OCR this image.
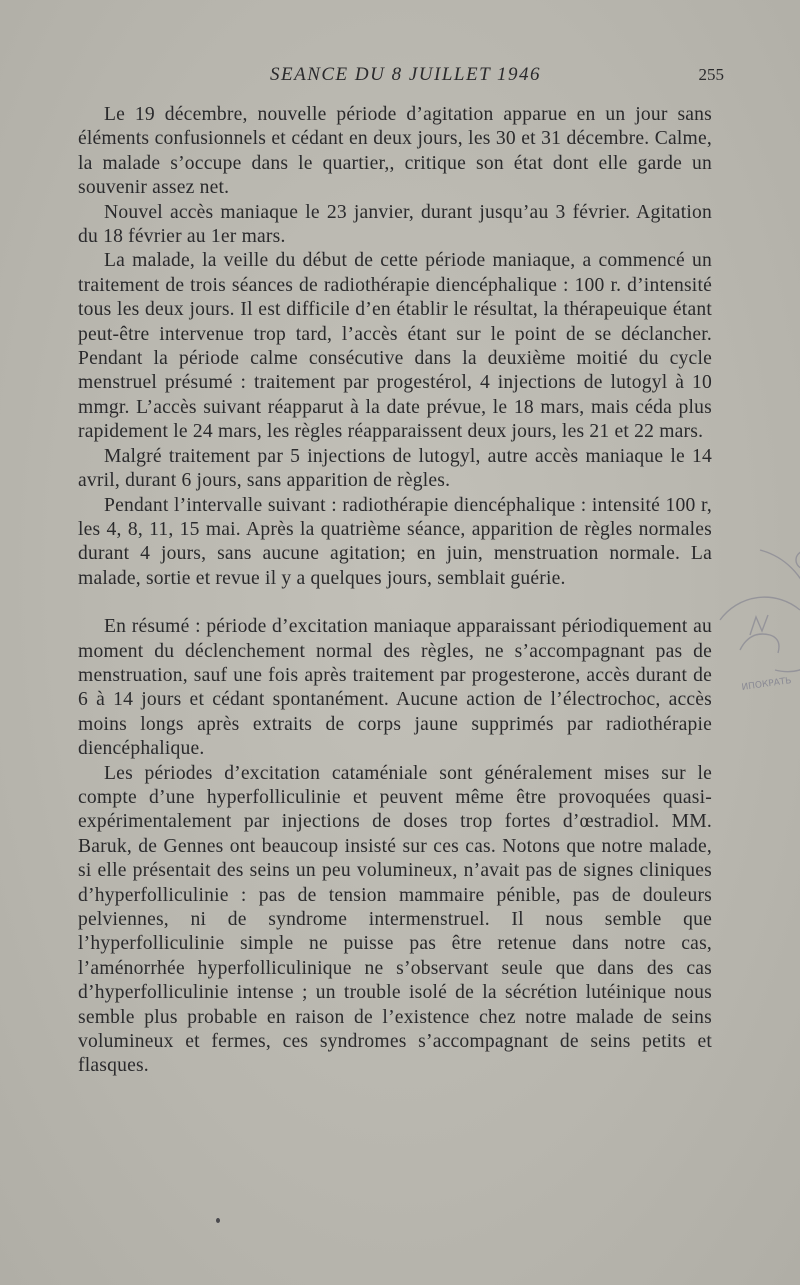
SEANCE DU 8 JUILLET 1946	255

Le 19 décembre, nouvelle période d’agitation apparue en un jour sans éléments confusionnels et cédant en deux jours, les 30 et 31 décembre. Calme, la malade s’occupe dans le quartier,, critique son état dont elle garde un souvenir assez net.

Nouvel accès maniaque le 23 janvier, durant jusqu’au 3 février. Agitation du 18 février au 1er mars.

La malade, la veille du début de cette période maniaque, a commencé un traitement de trois séances de radiothérapie diencéphalique : 100 r. d’intensité tous les deux jours. Il est difficile d’en établir le résultat, la thérapeuique étant peut-être intervenue trop tard, l’accès étant sur le point de se déclancher. Pendant la période calme consécutive dans la deuxième moitié du cycle menstruel présumé : traitement par progestérol, 4 injections de lutogyl à 10 mmgr. L’accès suivant réapparut à la date prévue, le 18 mars, mais céda plus rapidement le 24 mars, les règles réapparaissent deux jours, les 21 et 22 mars.

Malgré traitement par 5 injections de lutogyl, autre accès maniaque le 14 avril, durant 6 jours, sans apparition de règles.

Pendant l’intervalle suivant : radiothérapie diencéphalique : intensité 100 r, les 4, 8, 11, 15 mai. Après la quatrième séance, apparition de règles normales durant 4 jours, sans aucune agitation; en juin, menstruation normale. La malade, sortie et revue il y a quelques jours, semblait guérie.

En résumé : période d’excitation maniaque apparaissant périodiquement au moment du déclenchement normal des règles, ne s’accompagnant pas de menstruation, sauf une fois après traitement par progesterone, accès durant de 6 à 14 jours et cédant spontanément. Aucune action de l’électrochoc, accès moins longs après extraits de corps jaune supprimés par radiothérapie diencéphalique.

Les périodes d’excitation cataméniale sont généralement mises sur le compte d’une hyperfolliculinie et peuvent même être provoquées quasi-expérimentalement par injections de doses trop fortes d’œstradiol. MM. Baruk, de Gennes ont beaucoup insisté sur ces cas. Notons que notre malade, si elle présentait des seins un peu volumineux, n’avait pas de signes cliniques d’hyperfolliculinie : pas de tension mammaire pénible, pas de douleurs pelviennes, ni de syndrome intermenstruel. Il nous semble que l’hyperfolliculinie simple ne puisse pas être retenue dans notre cas, l’aménorrhée hyperfolliculinique ne s’observant seule que dans des cas d’hyperfolliculinie intense ; un trouble isolé de la sécrétion lutéinique nous semble plus probable en raison de l’existence chez notre malade de seins volumineux et fermes, ces syndromes s’accompagnant de seins petits et flasques.

ИПОКРАТЬ
